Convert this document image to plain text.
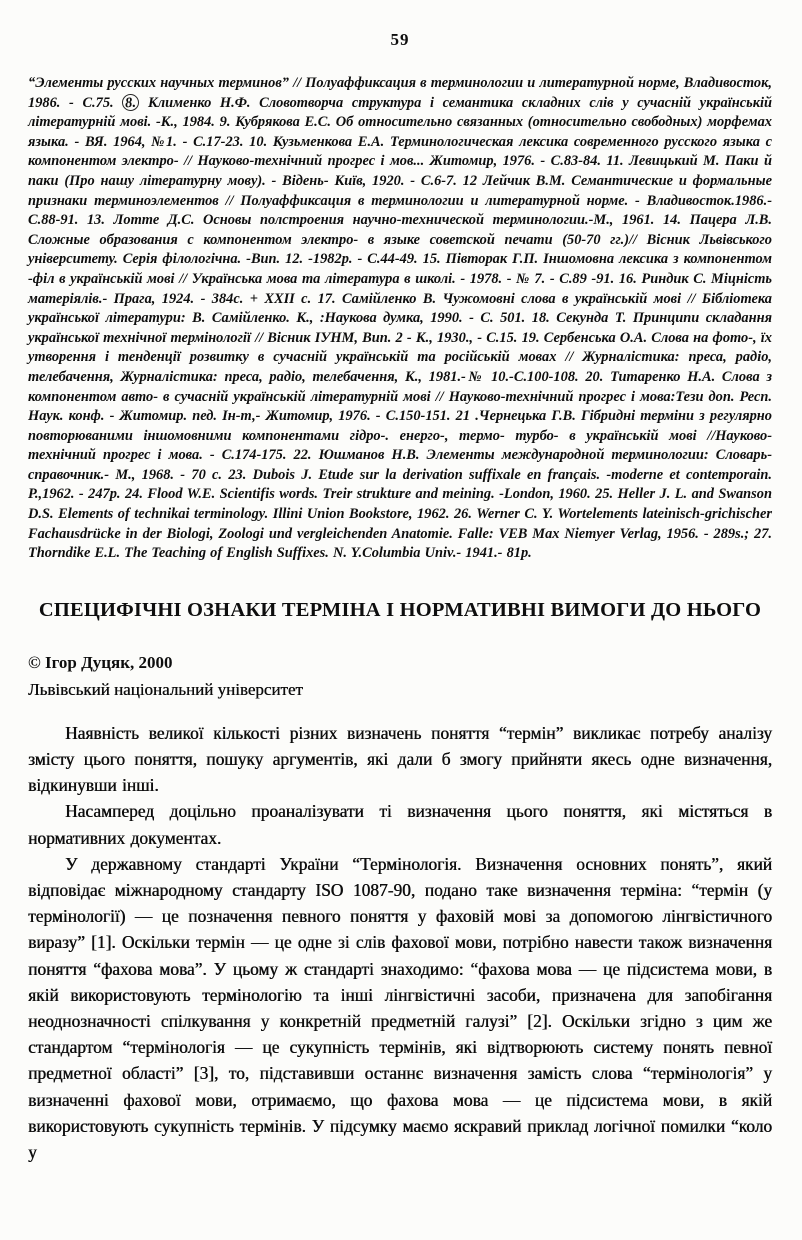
59

“Элементы русских научных терминов” // Полуаффиксация в терминологии и литературной норме, Владивосток, 1986. - С.75. 8. Клименко Н.Ф. Словотворча структура і семантика складних слів у сучасній українській літературній мові. -К., 1984. 9. Кубрякова Е.С. Об относительно связанных (относительно свободных) морфемах языка. - ВЯ. 1964, №1. - С.17-23. 10. Кузьменкова Е.А. Терминологическая лексика современного русского языка с компонентом электро- // Науково-технічний прогрес і мов... Житомир, 1976. - С.83-84. 11. Левицький М. Паки й паки (Про нашу літературну мову). - Відень- Київ, 1920. - С.6-7. 12 Лейчик В.М. Семантические и формальные признаки терминоэлементов // Полуаффиксация в терминологии и литературной норме. - Владивосток.1986.- С.88-91. 13. Лотте Д.С. Основы полстроения научно-технической терминологии.-М., 1961. 14. Пацера Л.В. Сложные образования с компонентом электро- в языке советской печати (50-70 гг.)// Вісник Львівського університету. Серія філологічна. -Вип. 12. -1982р. - С.44-49. 15. Півторак Г.П. Іншомовна лексика з компонентом -філ в українській мові // Українська мова та література в школі. - 1978. - № 7. - С.89 -91. 16. Риндик С. Міцність матеріялів.- Прага, 1924. - 384с. + ХХІІ с. 17. Самійленко В. Чужомовні слова в українській мові // Бібліотека української літератури: В. Самійленко. К., :Наукова думка, 1990. - С. 501. 18. Секунда Т. Принципи складання української технічної термінології // Вісник ІУНМ, Вип. 2 - К., 1930., - С.15. 19. Сербенська О.А. Слова на фото-, їх утворення і тенденції розвитку в сучасній українській та російській мовах // Журналістика: преса, радіо, телебачення, Журналістика: преса, радіо, телебачення, К., 1981.-№ 10.-С.100-108. 20. Титаренко Н.А. Слова з компонентом авто- в сучасній українській літературній мові // Науково-технічний прогрес і мова:Тези доп. Респ. Наук. конф. - Житомир. пед. Ін-т,- Житомир, 1976. - С.150-151. 21 .Чернецька Г.В. Гібридні терміни з регулярно повторюваними іншомовними компонентами гідро-. енерго-, термо- турбо- в українській мові //Науково-технічний прогрес і мова. - С.174-175. 22. Юшманов Н.В. Элементы международной терминологии: Словарь-справочник.- М., 1968. - 70 с. 23. Dubois J. Etude sur la derivation suffixale en français. -moderne et contemporain. P.,1962. - 247p. 24. Flood W.E. Scientifis words. Treir strukture and meining. -London, 1960. 25. Heller J. L. and Swanson D.S. Elements of technikai terminology. Illini Union Bookstore, 1962. 26. Werner C. Y. Wortelements lateinisch-grichischer Fachausdrücke in der Biologi, Zoologi und vergleichenden Anatomie. Falle: VEB Max Niemyer Verlag, 1956. - 289s.; 27. Thorndike E.L. The Teaching of English Suffixes. N. Y.Columbia Univ.- 1941.- 81p.

СПЕЦИФІЧНІ ОЗНАКИ ТЕРМІНА І НОРМАТИВНІ ВИМОГИ ДО НЬОГО
© Ігор Дуцяк, 2000
Львівський національний університет

Наявність великої кількості різних визначень поняття “термін” викликає потребу аналізу змісту цього поняття, пошуку аргументів, які дали б змогу прийняти якесь одне визначення, відкинувши інші.

Насамперед доцільно проаналізувати ті визначення цього поняття, які містяться в нормативних документах.

У державному стандарті України “Термінологія. Визначення основних понять”, який відповідає міжнародному стандарту ISO 1087-90, подано таке визначення терміна: “термін (у термінології) — це позначення певного поняття у фаховій мові за допомогою лінгвістичного виразу” [1]. Оскільки термін — це одне зі слів фахової мови, потрібно навести також визначення поняття “фахова мова”. У цьому ж стандарті знаходимо: “фахова мова — це підсистема мови, в якій використовують термінологію та інші лінгвістичні засоби, призначена для запобігання неоднозначності спілкування у конкретній предметній галузі” [2]. Оскільки згідно з цим же стандартом “термінологія — це сукупність термінів, які відтворюють систему понять певної предметної області” [3], то, підставивши останнє визначення замість слова “термінологія” у визначенні фахової мови, отримаємо, що фахова мова — це підсистема мови, в якій використовують сукупність термінів. У підсумку маємо яскравий приклад логічної помилки “коло у
